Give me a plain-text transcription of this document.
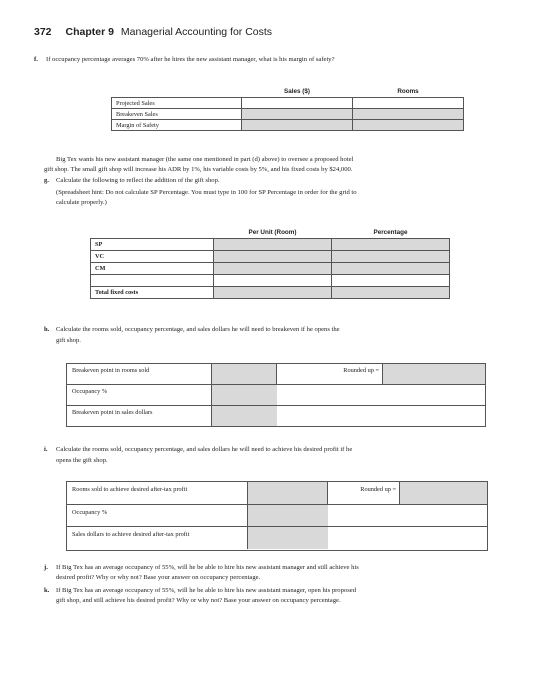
372 Chapter 9 Managerial Accounting for Costs
f. If occupancy percentage averages 70% after he hires the new assistant manager, what is his margin of safety?
	Sales ($)	Rooms
Projected Sales		
Breakeven Sales		
Margin of Safety		
Big Tex wants his new assistant manager (the same one mentioned in part (d) above) to oversee a proposed hotel
gift shop. The small gift shop will increase his ADR by 1%, his variable costs by 5%, and his fixed costs by $24,000.
g. Calculate the following to reflect the addition of the gift shop.
(Spreadsheet hint: Do not calculate SP Percentage. You must type in 100 for SP Percentage in order for the grid to
calculate properly.)
	Per Unit (Room)	Percentage
SP		
VC		
CM		

Total fixed costs		
h. Calculate the rooms sold, occupancy percentage, and sales dollars he will need to breakeven if he opens the
gift shop.
Breakeven point in rooms sold	Rounded up =
Occupancy %
Breakeven point in sales dollars
i. Calculate the rooms sold, occupancy percentage, and sales dollars he will need to achieve his desired profit if he
opens the gift shop.
Rooms sold to achieve desired after-tax profit	Rounded up =
Occupancy %
Sales dollars to achieve desired after-tax profit
j. If Big Tex has an average occupancy of 55%, will he be able to hire his new assistant manager and still achieve his
desired profit? Why or why not? Base your answer on occupancy percentage.
k. If Big Tex has an average occupancy of 55%, will he be able to hire his new assistant manager, open his proposed
gift shop, and still achieve his desired profit? Why or why not? Base your answer on occupancy percentage.
